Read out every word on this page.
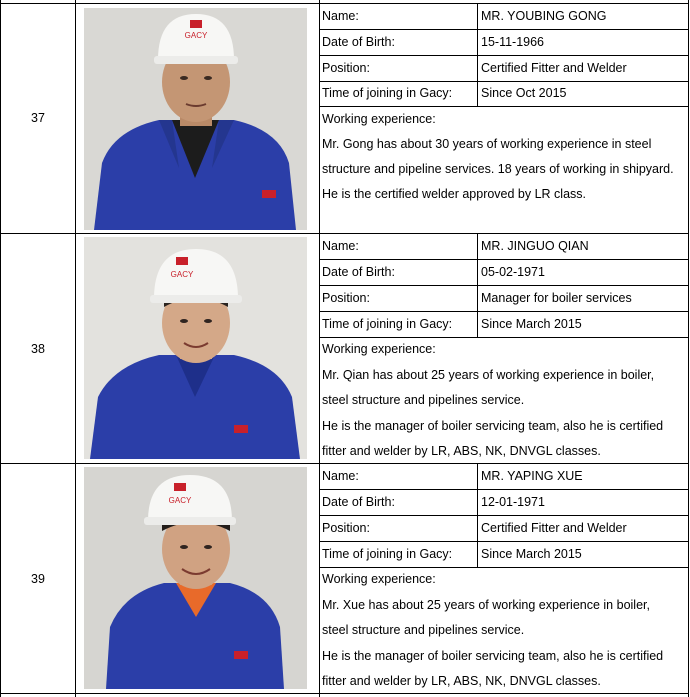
37
GACY
Name:	MR. YOUBING GONG
Date of Birth:	15-11-1966
Position:	Certified Fitter and Welder
Time of joining in Gacy: Since Oct 2015
Working experience:
Mr. Gong has about 30 years of working experience in steel
structure and pipeline services. 18 years of working in shipyard.
He is the certified welder approved by LR class.
38
GACY
Name:	MR. JINGUO QIAN
Date of Birth:	05-02-1971
Position:	Manager for boiler services
Time of joining in Gacy: Since March 2015
Working experience:
Mr. Qian has about 25 years of working experience in boiler,
steel structure and pipelines service.
He is the manager of boiler servicing team, also he is certified
fitter and welder by LR, ABS, NK, DNVGL classes.
39
GACY
Name:	MR. YAPING XUE
Date of Birth:	12-01-1971
Position:	Certified Fitter and Welder
Time of joining in Gacy: Since March 2015
Working experience:
Mr. Xue has about 25 years of working experience in boiler,
steel structure and pipelines service.
He is the manager of boiler servicing team, also he is certified
fitter and welder by LR, ABS, NK, DNVGL classes.
